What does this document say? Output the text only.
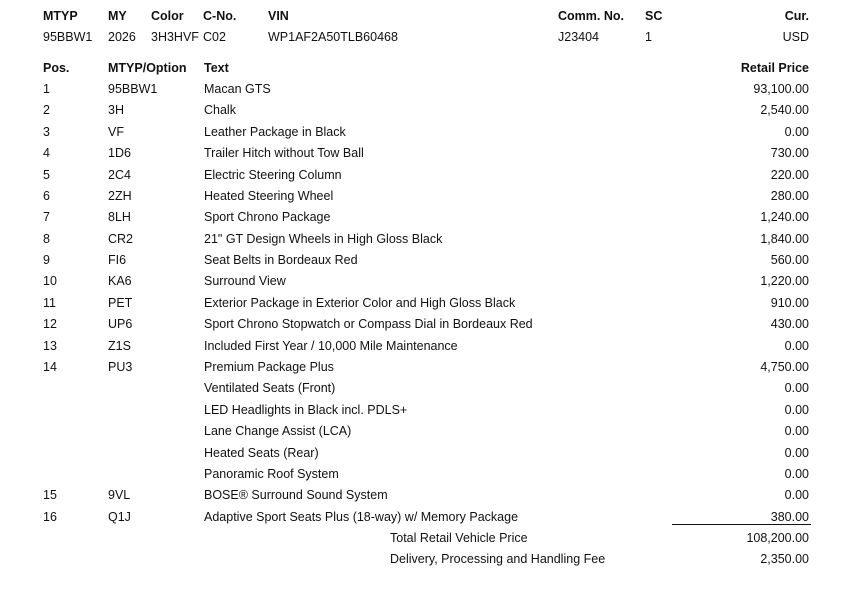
MTYP MY Color C-No.	VIN	Comm. No. SC	Cur.
95BBW1 2026 3H3HVF C02	WP1AF2A50TLB60468	J23404	1	USD
Pos.	MTYP/Option Text	Retail Price
1	95BBW1	Macan GTS	93,100.00
2	3H	Chalk	2,540.00
3	VF	Leather Package in Black	0.00
4	1D6	Trailer Hitch without Tow Ball	730.00
5	2C4	Electric Steering Column	220.00
6	2ZH	Heated Steering Wheel	280.00
7	8LH	Sport Chrono Package	1,240.00
8	CR2	21" GT Design Wheels in High Gloss Black	1,840.00
9	FI6	Seat Belts in Bordeaux Red	560.00
10	KA6	Surround View	1,220.00
11	PET	Exterior Package in Exterior Color and High Gloss Black	910.00
12	UP6	Sport Chrono Stopwatch or Compass Dial in Bordeaux Red	430.00
13	Z1S	Included First Year / 10,000 Mile Maintenance	0.00
14	PU3	Premium Package Plus	4,750.00
Ventilated Seats (Front)	0.00
LED Headlights in Black incl. PDLS+	0.00
Lane Change Assist (LCA)	0.00
Heated Seats (Rear)	0.00
Panoramic Roof System	0.00
15	9VL	BOSE® Surround Sound System	0.00
16	Q1J	Adaptive Sport Seats Plus (18-way) w/ Memory Package	380.00
Total Retail Vehicle Price	108,200.00
Delivery, Processing and Handling Fee	2,350.00
